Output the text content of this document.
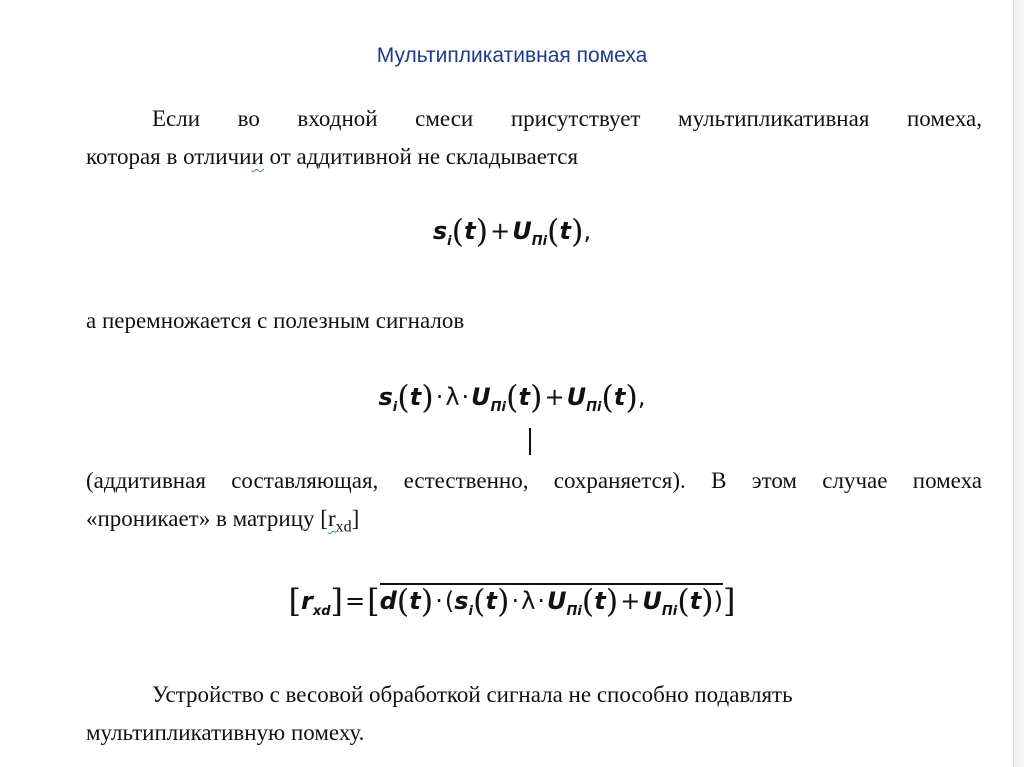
Мультипликативная помеха
Если во входной смеси присутствует мультипликативная помеха,
которая в отличии от аддитивной не складывается
$s_i(t)+U_{Пi}(t)$,
а перемножается с полезным сигналов
$s_i(t)\cdot\lambda\cdot U_{Пi}(t)+U_{Пi}(t)$,
(аддитивная составляющая, естественно, сохраняется). В этом случае помеха
«проникает» в матрицу $[r_{xd}]$
$[r_{xd}]=[d(t)\cdot(s_i(t)\cdot\lambda\cdot U_{Пi}(t)+U_{Пi}(t))]$
Устройство с весовой обработкой сигнала не способно подавлять
мультипликативную помеху.
